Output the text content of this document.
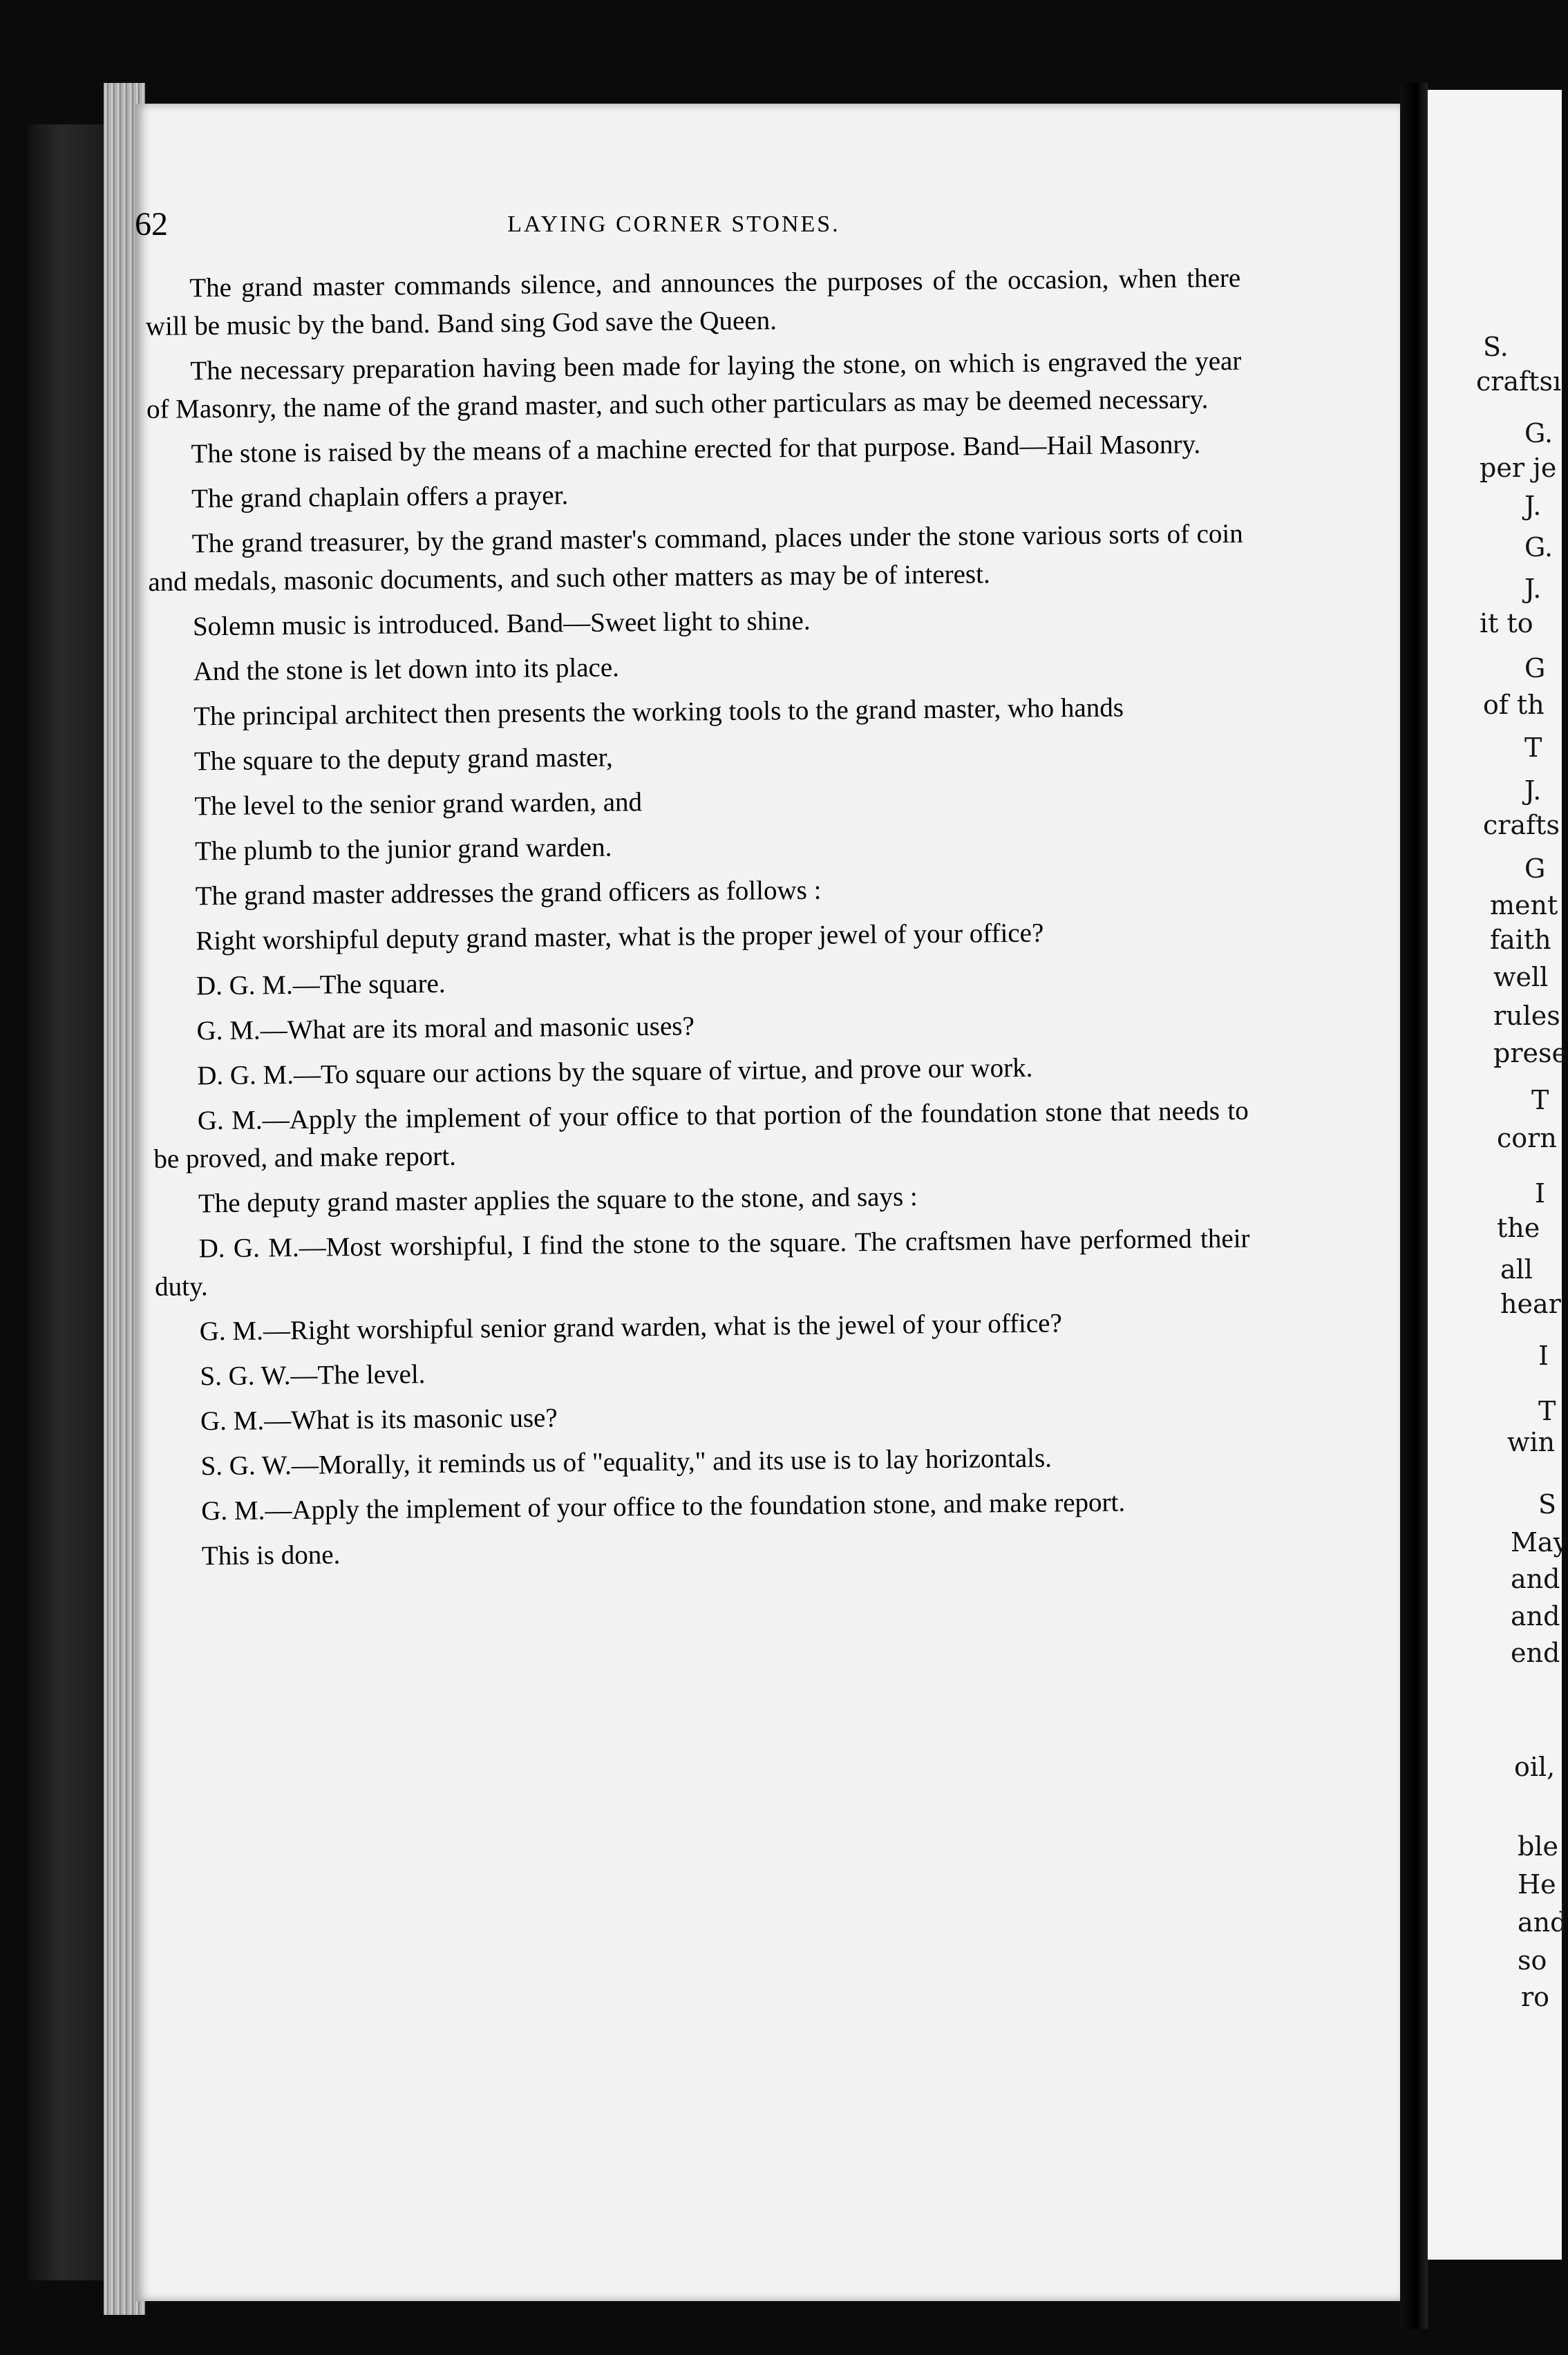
62	LAYING CORNER STONES.

The grand master commands silence, and announces the purposes of the occasion, when there will be music by the band. Band sing God save the Queen.

The necessary preparation having been made for laying the stone, on which is engraved the year of Masonry, the name of the grand master, and such other particulars as may be deemed necessary.

The stone is raised by the means of a machine erected for that purpose. Band—Hail Masonry.

The grand chaplain offers a prayer.

The grand treasurer, by the grand master's command, places under the stone various sorts of coin and medals, masonic documents, and such other matters as may be of interest.

Solemn music is introduced. Band—Sweet light to shine.

And the stone is let down into its place.

The principal architect then presents the working tools to the grand master, who hands

The square to the deputy grand master,

The level to the senior grand warden, and

The plumb to the junior grand warden.

The grand master addresses the grand officers as follows :

Right worshipful deputy grand master, what is the proper jewel of your office?

D. G. M.—The square.

G. M.—What are its moral and masonic uses?

D. G. M.—To square our actions by the square of virtue, and prove our work.

G. M.—Apply the implement of your office to that portion of the foundation stone that needs to be proved, and make report.

The deputy grand master applies the square to the stone, and says :

D. G. M.—Most worshipful, I find the stone to the square. The craftsmen have performed their duty.

G. M.—Right worshipful senior grand warden, what is the jewel of your office?

S. G. W.—The level.

G. M.—What is its masonic use?

S. G. W.—Morally, it reminds us of "equality," and its use is to lay horizontals.

G. M.—Apply the implement of your office to the foundation stone, and make report.

This is done.

S.
craftsı
G.
per je
J.
G.
J.
it to
G
of th
T
J.
crafts
G
ment
faith
well
rules
prese
T
corn
I
the
all
hear
I
T
win
S
May
and
and
end
oil,
ble
He
and
so
ro
